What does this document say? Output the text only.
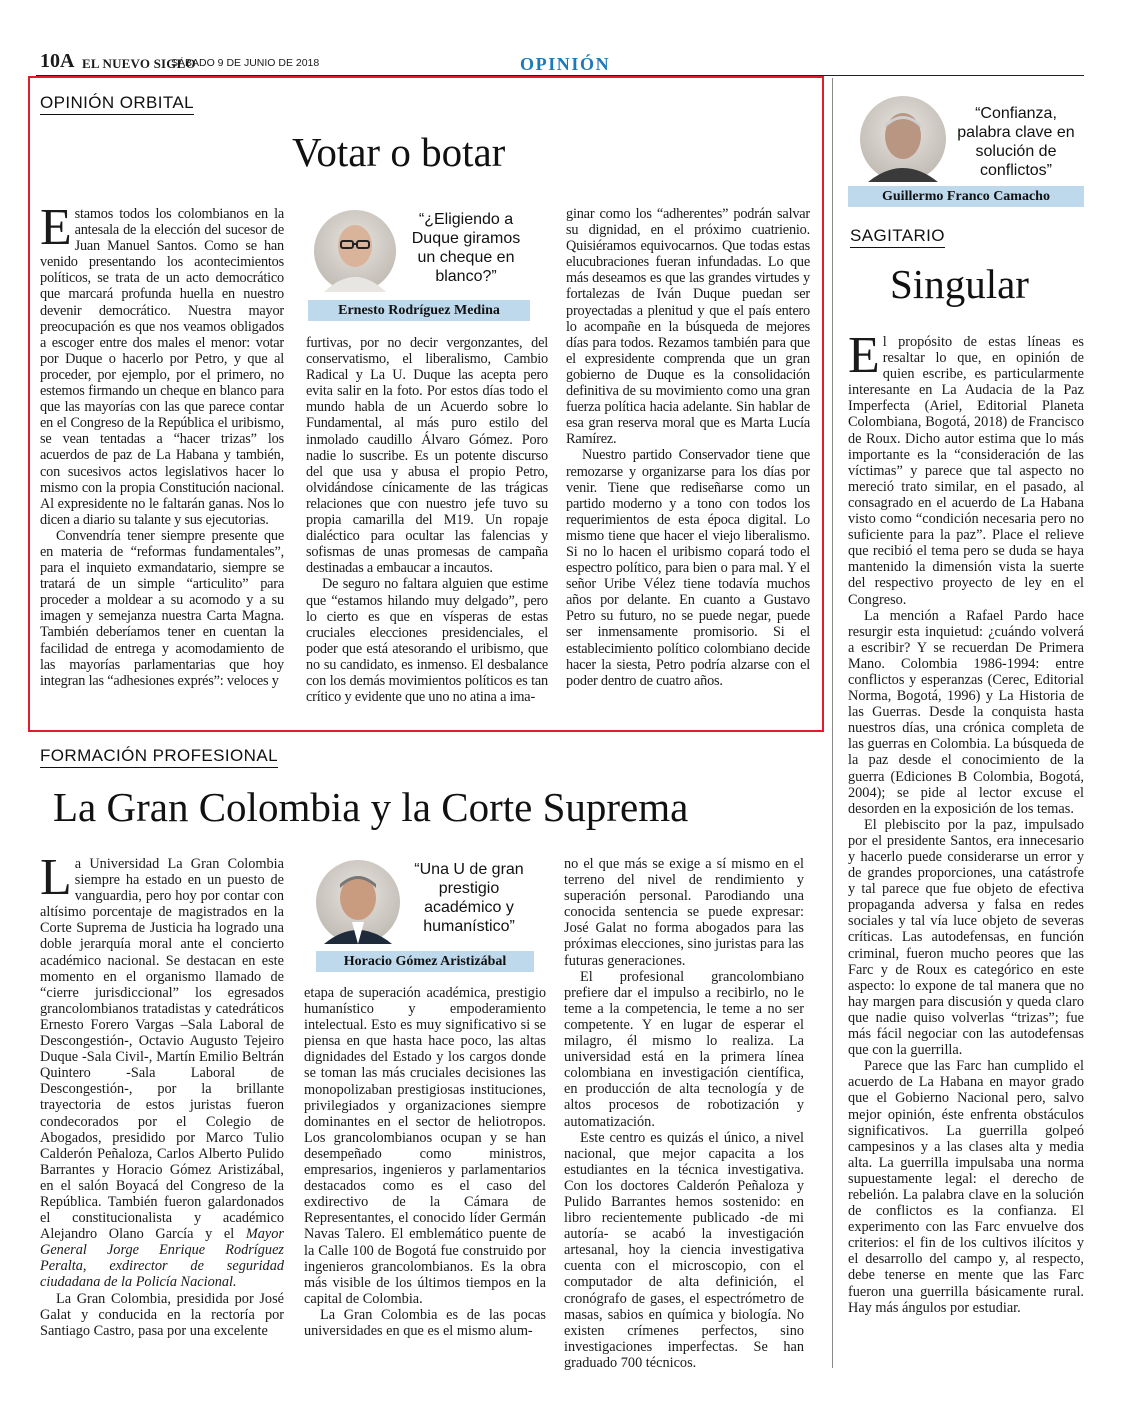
10A EL NUEVO SIGLO
SÁBADO 9 DE JUNIO DE 2018	OPINIÓN
OPINIÓN ORBITAL
Votar o botar

Estamos todos los colombianos en la antesala de la elección del sucesor de Juan Manuel Santos. Como se han venido presentando los acontecimientos políticos, se trata de un acto democrático que marcará profunda huella en nuestro devenir democrático. Nuestra mayor preocupación es que nos veamos obligados a escoger entre dos males el menor: votar por Duque o hacerlo por Petro, y que al proceder, por ejemplo, por el primero, no estemos firmando un cheque en blanco para que las mayorías con las que parece contar en el Congreso de la República el uribismo, se vean tentadas a “hacer trizas” los acuerdos de paz de La Habana y también, con sucesivos actos legislativos hacer lo mismo con la propia Constitución nacional. Al expresidente no le faltarán ganas. Nos lo dicen a diario su talante y sus ejecutorias.

Convendría tener siempre presente que en materia de “reformas fundamentales”, para el inquieto exmandatario, siempre se tratará de un simple “articulito” para proceder a moldear a su acomodo y a su imagen y semejanza nuestra Carta Magna. También deberíamos tener en cuentan la facilidad de entrega y acomodamiento de las mayorías parlamentarias que hoy integran las “adhesiones exprés”: veloces y

“¿Eligiendo a Duque giramos un cheque en blanco?”
Ernesto Rodríguez Medina

furtivas, por no decir vergonzantes, del conservatismo, el liberalismo, Cambio Radical y La U. Duque las acepta pero evita salir en la foto. Por estos días todo el mundo habla de un Acuerdo sobre lo Fundamental, al más puro estilo del inmolado caudillo Álvaro Gómez. Poro nadie lo suscribe. Es un potente discurso del que usa y abusa el propio Petro, olvidándose cínicamente de las trágicas relaciones que con nuestro jefe tuvo su propia camarilla del M19. Un ropaje dialéctico para ocultar las falencias y sofismas de unas promesas de campaña destinadas a embaucar a incautos.

De seguro no faltara alguien que estime que “estamos hilando muy delgado”, pero lo cierto es que en vísperas de estas cruciales elecciones presidenciales, el poder que está atesorando el uribismo, que no su candidato, es inmenso. El desbalance con los demás movimientos políticos es tan crítico y evidente que uno no atina a ima-

ginar como los “adherentes” podrán salvar su dignidad, en el próximo cuatrienio. Quisiéramos equivocarnos. Que todas estas elucubraciones fueran infundadas. Lo que más deseamos es que las grandes virtudes y fortalezas de Iván Duque puedan ser proyectadas a plenitud y que el país entero lo acompañe en la búsqueda de mejores días para todos. Rezamos también para que el expresidente comprenda que un gran gobierno de Duque es la consolidación definitiva de su movimiento como una gran fuerza política hacia adelante. Sin hablar de esa gran reserva moral que es Marta Lucía Ramírez.

Nuestro partido Conservador tiene que remozarse y organizarse para los días por venir. Tiene que rediseñarse como un partido moderno y a tono con todos los requerimientos de esta época digital. Lo mismo tiene que hacer el viejo liberalismo. Si no lo hacen el uribismo copará todo el espectro político, para bien o para mal. Y el señor Uribe Vélez tiene todavía muchos años por delante. En cuanto a Gustavo Petro su futuro, no se puede negar, puede ser inmensamente promisorio. Si el establecimiento político colombiano decide hacer la siesta, Petro podría alzarse con el poder dentro de cuatro años.

FORMACIÓN PROFESIONAL
La Gran Colombia y la Corte Suprema

La Universidad La Gran Colombia siempre ha estado en un puesto de vanguardia, pero hoy por contar con altísimo porcentaje de magistrados en la Corte Suprema de Justicia ha logrado una doble jerarquía moral ante el concierto académico nacional. Se destacan en este momento en el organismo llamado de “cierre jurisdiccional” los egresados grancolombianos tratadistas y catedráticos Ernesto Forero Vargas –Sala Laboral de Descongestión-, Octavio Augusto Tejeiro Duque -Sala Civil-, Martín Emilio Beltrán Quintero -Sala Laboral de Descongestión-, por la brillante trayectoria de estos juristas fueron condecorados por el Colegio de Abogados, presidido por Marco Tulio Calderón Peñaloza, Carlos Alberto Pulido Barrantes y Horacio Gómez Aristizábal, en el salón Boyacá del Congreso de la República. También fueron galardonados el constitucionalista y académico Alejandro Olano García y el Mayor General Jorge Enrique Rodríguez Peralta, exdirector de seguridad ciudadana de la Policía Nacional.

La Gran Colombia, presidida por José Galat y conducida en la rectoría por Santiago Castro, pasa por una excelente

“Una U de gran prestigio académico y humanístico”
Horacio Gómez Aristizábal

etapa de superación académica, prestigio humanístico y empoderamiento intelectual. Esto es muy significativo si se piensa en que hasta hace poco, las altas dignidades del Estado y los cargos donde se toman las más cruciales decisiones las monopolizaban prestigiosas instituciones, privilegiados y organizaciones siempre dominantes en el sector de heliotropos. Los grancolombianos ocupan y se han desempeñado como ministros, empresarios, ingenieros y parlamentarios destacados como es el caso del exdirectivo de la Cámara de Representantes, el conocido líder Germán Navas Talero. El emblemático puente de la Calle 100 de Bogotá fue construido por ingenieros grancolombianos. Es la obra más visible de los últimos tiempos en la capital de Colombia.

La Gran Colombia es de las pocas universidades en que es el mismo alum-

no el que más se exige a sí mismo en el terreno del nivel de rendimiento y superación personal. Parodiando una conocida sentencia se puede expresar: José Galat no forma abogados para las próximas elecciones, sino juristas para las futuras generaciones.

El profesional grancolombiano prefiere dar el impulso a recibirlo, no le teme a la competencia, le teme a no ser competente. Y en lugar de esperar el milagro, él mismo lo realiza. La universidad está en la primera línea colombiana en investigación científica, en producción de alta tecnología y de altos procesos de robotización y automatización.

Este centro es quizás el único, a nivel nacional, que mejor capacita a los estudiantes en la técnica investigativa. Con los doctores Calderón Peñaloza y Pulido Barrantes hemos sostenido: en libro recientemente publicado -de mi autoría- se acabó la investigación artesanal, hoy la ciencia investigativa cuenta con el microscopio, con el computador de alta definición, el cronógrafo de gases, el espectrómetro de masas, sabios en química y biología. No existen crímenes perfectos, sino investigaciones imperfectas. Se han graduado 700 técnicos.

“Confianza, palabra clave en solución de conflictos”
Guillermo Franco Camacho
SAGITARIO
Singular

El propósito de estas líneas es resaltar lo que, en opinión de quien escribe, es particularmente interesante en La Audacia de la Paz Imperfecta (Ariel, Editorial Planeta Colombiana, Bogotá, 2018) de Francisco de Roux. Dicho autor estima que lo más importante es la “consideración de las víctimas” y parece que tal aspecto no mereció trato similar, en el pasado, al consagrado en el acuerdo de La Habana visto como “condición necesaria pero no suficiente para la paz”. Place el relieve que recibió el tema pero se duda se haya mantenido la dimensión vista la suerte del respectivo proyecto de ley en el Congreso.

La mención a Rafael Pardo hace resurgir esta inquietud: ¿cuándo volverá a escribir? Y se recuerdan De Primera Mano. Colombia 1986-1994: entre conflictos y esperanzas (Cerec, Editorial Norma, Bogotá, 1996) y La Historia de las Guerras. Desde la conquista hasta nuestros días, una crónica completa de las guerras en Colombia. La búsqueda de la paz desde el conocimiento de la guerra (Ediciones B Colombia, Bogotá, 2004); se pide al lector excuse el desorden en la exposición de los temas.

El plebiscito por la paz, impulsado por el presidente Santos, era innecesario y hacerlo puede considerarse un error y de grandes proporciones, una catástrofe y tal parece que fue objeto de efectiva propaganda adversa y falsa en redes sociales y tal vía luce objeto de severas críticas. Las autodefensas, en función criminal, fueron mucho peores que las Farc y de Roux es categórico en este aspecto: lo expone de tal manera que no hay margen para discusión y queda claro que nadie quiso volverlas “trizas”; fue más fácil negociar con las autodefensas que con la guerrilla.

Parece que las Farc han cumplido el acuerdo de La Habana en mayor grado que el Gobierno Nacional pero, salvo mejor opinión, éste enfrenta obstáculos significativos. La guerrilla golpeó campesinos y a las clases alta y media alta. La guerrilla impulsaba una norma supuestamente legal: el derecho de rebelión. La palabra clave en la solución de conflictos es la confianza. El experimento con las Farc envuelve dos criterios: el fin de los cultivos ilícitos y el desarrollo del campo y, al respecto, debe tenerse en mente que las Farc fueron una guerrilla básicamente rural. Hay más ángulos por estudiar.
